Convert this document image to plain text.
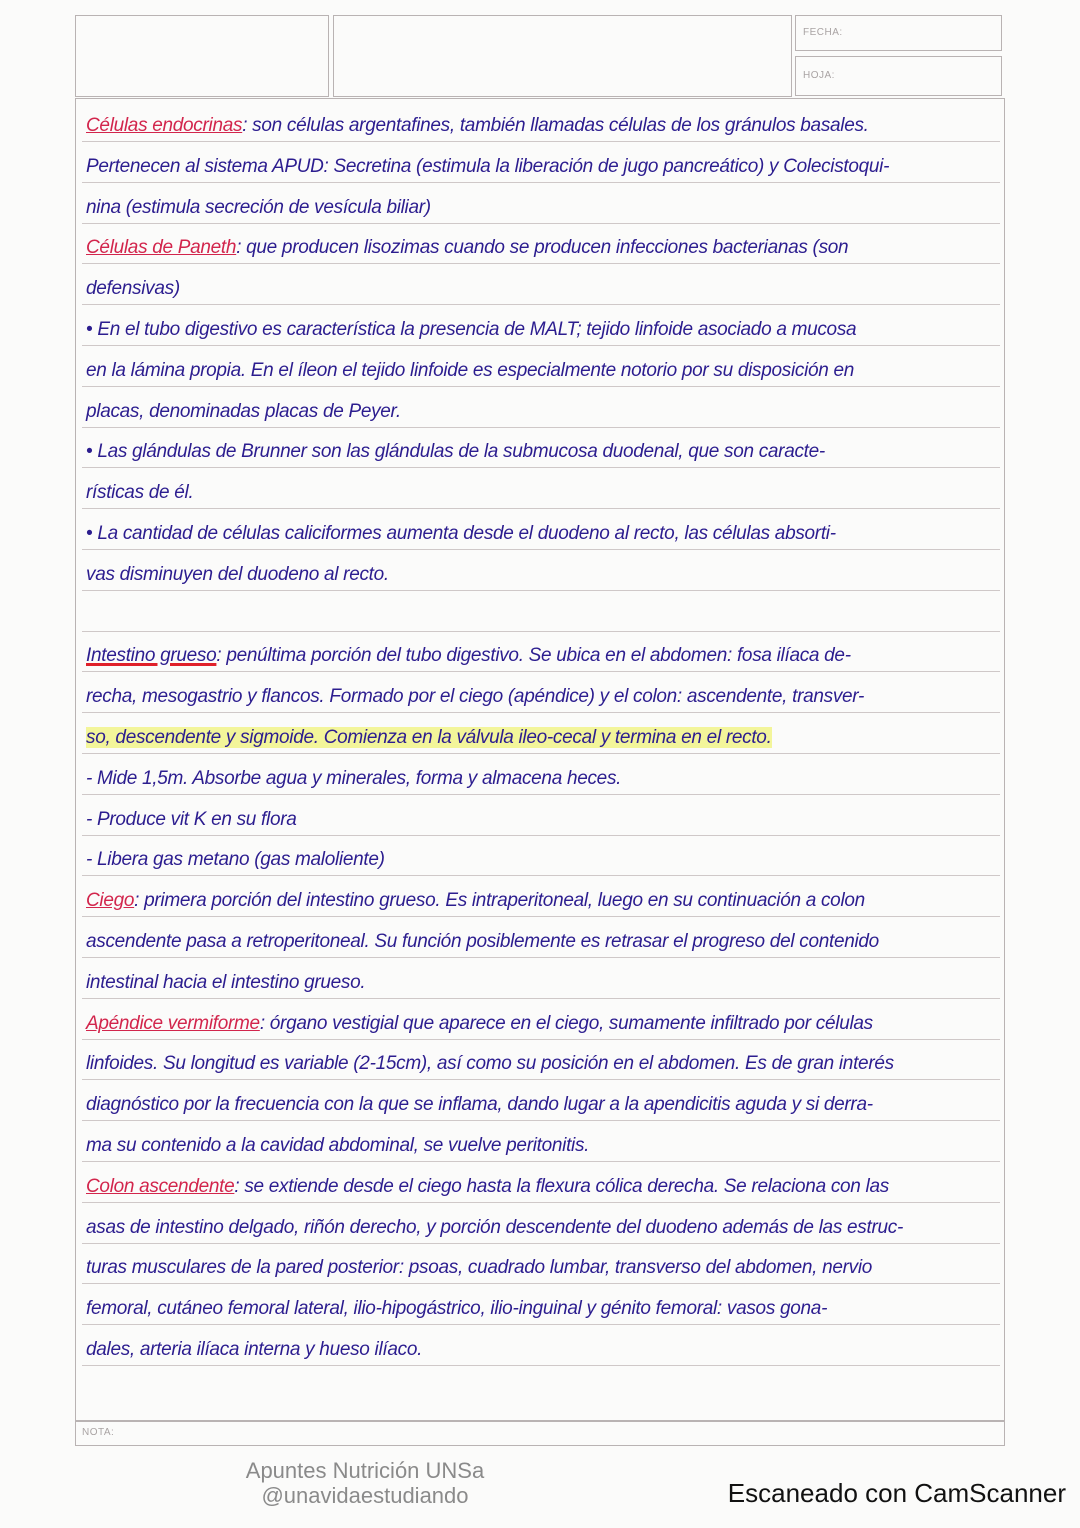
FECHA:
HOJA:
Células endocrinas: son células argentafines, también llamadas células de los gránulos basales.
Pertenecen al sistema APUD: Secretina (estimula la liberación de jugo pancreático) y Colecistoqui-
nina (estimula secreción de vesícula biliar)
Células de Paneth: que producen lisozimas cuando se producen infecciones bacterianas (son
defensivas)
• En el tubo digestivo es característica la presencia de MALT; tejido linfoide asociado a mucosa
en la lámina propia. En el íleon el tejido linfoide es especialmente notorio por su disposición en
placas, denominadas placas de Peyer.
• Las glándulas de Brunner son las glándulas de la submucosa duodenal, que son caracte-
rísticas de él.
• La cantidad de células caliciformes aumenta desde el duodeno al recto, las células absorti-
vas disminuyen del duodeno al recto.
Intestino grueso: penúltima porción del tubo digestivo. Se ubica en el abdomen: fosa ilíaca de-
recha, mesogastrio y flancos. Formado por el ciego (apéndice) y el colon: ascendente, transver-
so, descendente y sigmoide. Comienza en la válvula ileo-cecal y termina en el recto.
- Mide 1,5m. Absorbe agua y minerales, forma y almacena heces.
- Produce vit K en su flora
- Libera gas metano (gas maloliente)
Ciego: primera porción del intestino grueso. Es intraperitoneal, luego en su continuación a colon
ascendente pasa a retroperitoneal. Su función posiblemente es retrasar el progreso del contenido
intestinal hacia el intestino grueso.
Apéndice vermiforme: órgano vestigial que aparece en el ciego, sumamente infiltrado por células
linfoides. Su longitud es variable (2-15cm), así como su posición en el abdomen. Es de gran interés
diagnóstico por la frecuencia con la que se inflama, dando lugar a la apendicitis aguda y si derra-
ma su contenido a la cavidad abdominal, se vuelve peritonitis.
Colon ascendente: se extiende desde el ciego hasta la flexura cólica derecha. Se relaciona con las
asas de intestino delgado, riñón derecho, y porción descendente del duodeno además de las estruc-
turas musculares de la pared posterior: psoas, cuadrado lumbar, transverso del abdomen, nervio
femoral, cutáneo femoral lateral, ilio-hipogástrico, ilio-inguinal y génito femoral: vasos gona-
dales, arteria ilíaca interna y hueso ilíaco.
NOTA:
Apuntes Nutrición UNSa
@unavidaestudiando	Escaneado con CamScanner
